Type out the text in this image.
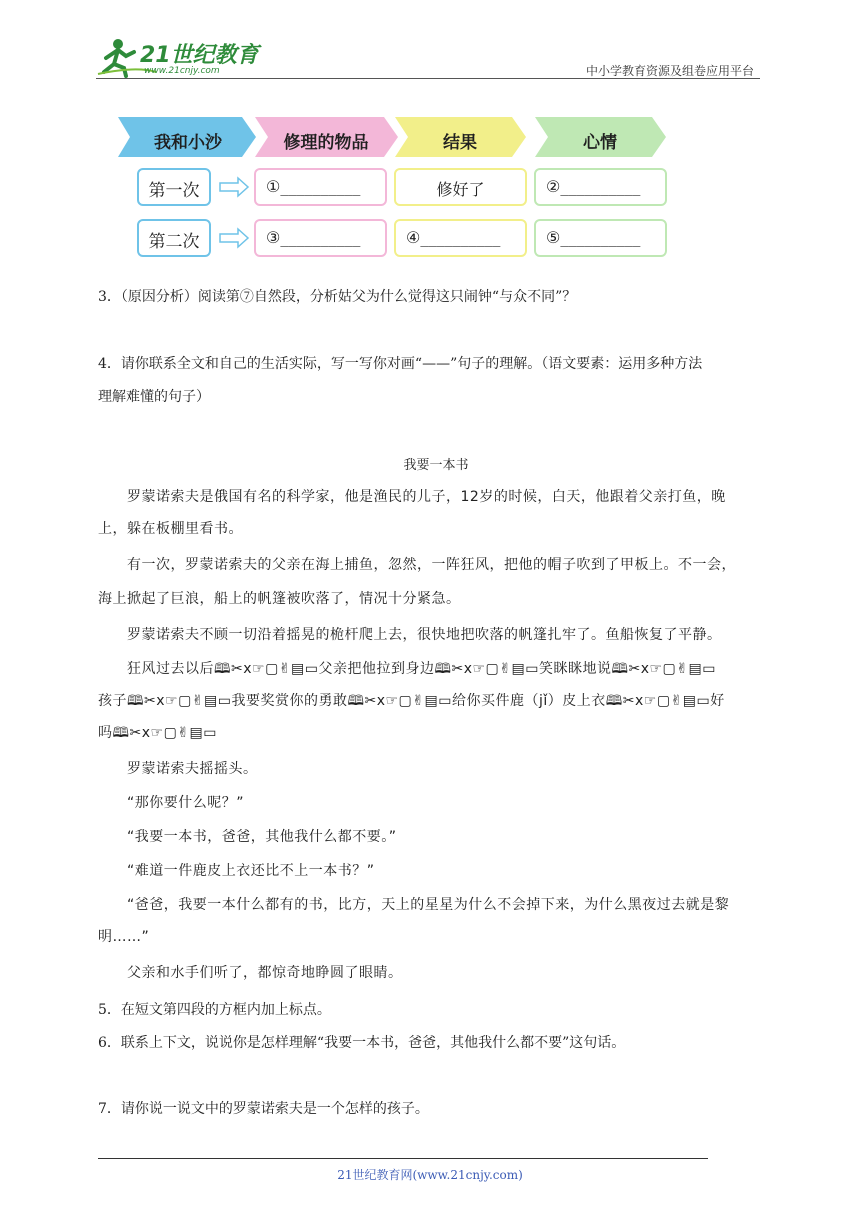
21世纪教育
www.21cnjy.com	中小学教育资源及组卷应用平台
我和小沙	修理的物品	结果	心情
第一次	①__________	修好了	②__________
第二次	③__________	④__________	⑤__________
3．（原因分析）阅读第⑦自然段，分析姑父为什么觉得这只闹钟“与众不同”？
4．请你联系全文和自己的生活实际，写一写你对画“——”句子的理解。（语文要素：运用多种方法
理解难懂的句子）
我要一本书
　　罗蒙诺索夫是俄国有名的科学家，他是渔民的儿子，12岁的时候，白天，他跟着父亲打鱼，晚
上，躲在板棚里看书。
　　有一次，罗蒙诺索夫的父亲在海上捕鱼，忽然，一阵狂风，把他的帽子吹到了甲板上。不一会，
海上掀起了巨浪，船上的帆篷被吹落了，情况十分紧急。
　　罗蒙诺索夫不顾一切沿着摇晃的桅杆爬上去，很快地把吹落的帆篷扎牢了。鱼船恢复了平静。
　　狂风过去以后🕮✂x☞▢✌▤▭父亲把他拉到身边🕮✂x☞▢✌▤▭笑眯眯地说🕮✂x☞▢✌▤▭
孩子🕮✂x☞▢✌▤▭我要奖赏你的勇敢🕮✂x☞▢✌▤▭给你买件鹿（jǐ）皮上衣🕮✂x☞▢✌▤▭好
吗🕮✂x☞▢✌▤▭
　　罗蒙诺索夫摇摇头。
　　“那你要什么呢？”
　　“我要一本书，爸爸，其他我什么都不要。”
　　“难道一件鹿皮上衣还比不上一本书？”
　　“爸爸，我要一本什么都有的书，比方，天上的星星为什么不会掉下来，为什么黑夜过去就是黎
明……”
　　父亲和水手们听了，都惊奇地睁圆了眼睛。
5．在短文第四段的方框内加上标点。
6．联系上下文，说说你是怎样理解“我要一本书，爸爸，其他我什么都不要”这句话。
7．请你说一说文中的罗蒙诺索夫是一个怎样的孩子。
21世纪教育网(www.21cnjy.com)
